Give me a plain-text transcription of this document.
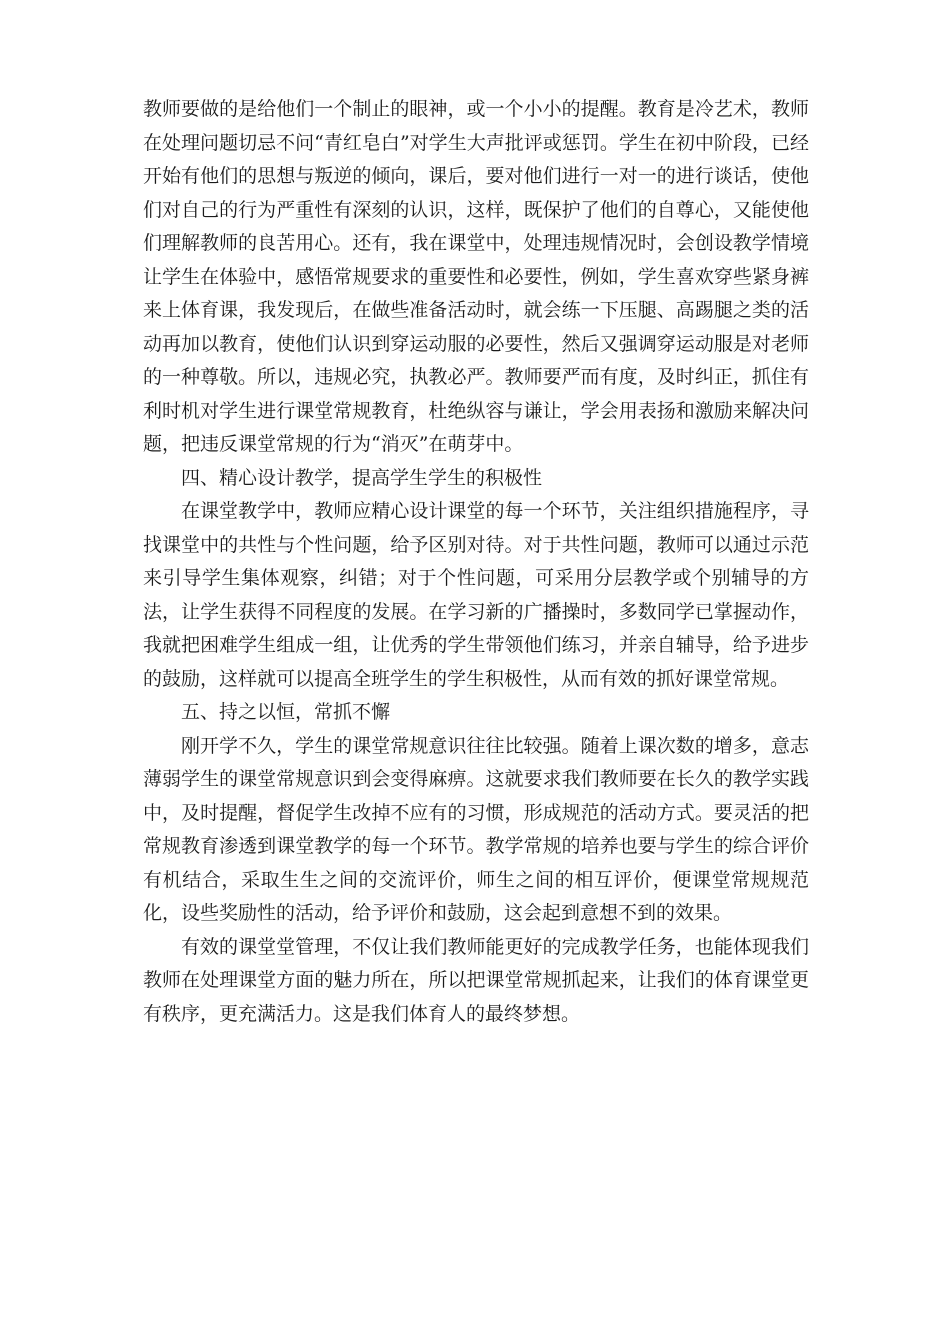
教师要做的是给他们一个制止的眼神，或一个小小的提醒。教育是冷艺术，教师在处理问题切忌不问“青红皂白”对学生大声批评或惩罚。学生在初中阶段，已经开始有他们的思想与叛逆的倾向，课后，要对他们进行一对一的进行谈话，使他们对自己的行为严重性有深刻的认识，这样，既保护了他们的自尊心，又能使他们理解教师的良苦用心。还有，我在课堂中，处理违规情况时，会创设教学情境让学生在体验中，感悟常规要求的重要性和必要性，例如，学生喜欢穿些紧身裤来上体育课，我发现后，在做些准备活动时，就会练一下压腿、高踢腿之类的活动再加以教育，使他们认识到穿运动服的必要性，然后又强调穿运动服是对老师的一种尊敬。所以，违规必究，执教必严。教师要严而有度，及时纠正，抓住有利时机对学生进行课堂常规教育，杜绝纵容与谦让，学会用表扬和激励来解决问题，把违反课堂常规的行为“消灭”在萌芽中。

四、精心设计教学，提高学生学生的积极性

在课堂教学中，教师应精心设计课堂的每一个环节，关注组织措施程序，寻找课堂中的共性与个性问题，给予区别对待。对于共性问题，教师可以通过示范来引导学生集体观察，纠错；对于个性问题，可采用分层教学或个别辅导的方法，让学生获得不同程度的发展。在学习新的广播操时，多数同学已掌握动作，我就把困难学生组成一组，让优秀的学生带领他们练习，并亲自辅导，给予进步的鼓励，这样就可以提高全班学生的学生积极性，从而有效的抓好课堂常规。

五、持之以恒，常抓不懈

刚开学不久，学生的课堂常规意识往往比较强。随着上课次数的增多，意志薄弱学生的课堂常规意识到会变得麻痹。这就要求我们教师要在长久的教学实践中，及时提醒，督促学生改掉不应有的习惯，形成规范的活动方式。要灵活的把常规教育渗透到课堂教学的每一个环节。教学常规的培养也要与学生的综合评价有机结合，采取生生之间的交流评价，师生之间的相互评价，便课堂常规规范化，设些奖励性的活动，给予评价和鼓励，这会起到意想不到的效果。

有效的课堂堂管理，不仅让我们教师能更好的完成教学任务，也能体现我们教师在处理课堂方面的魅力所在，所以把课堂常规抓起来，让我们的体育课堂更有秩序，更充满活力。这是我们体育人的最终梦想。
